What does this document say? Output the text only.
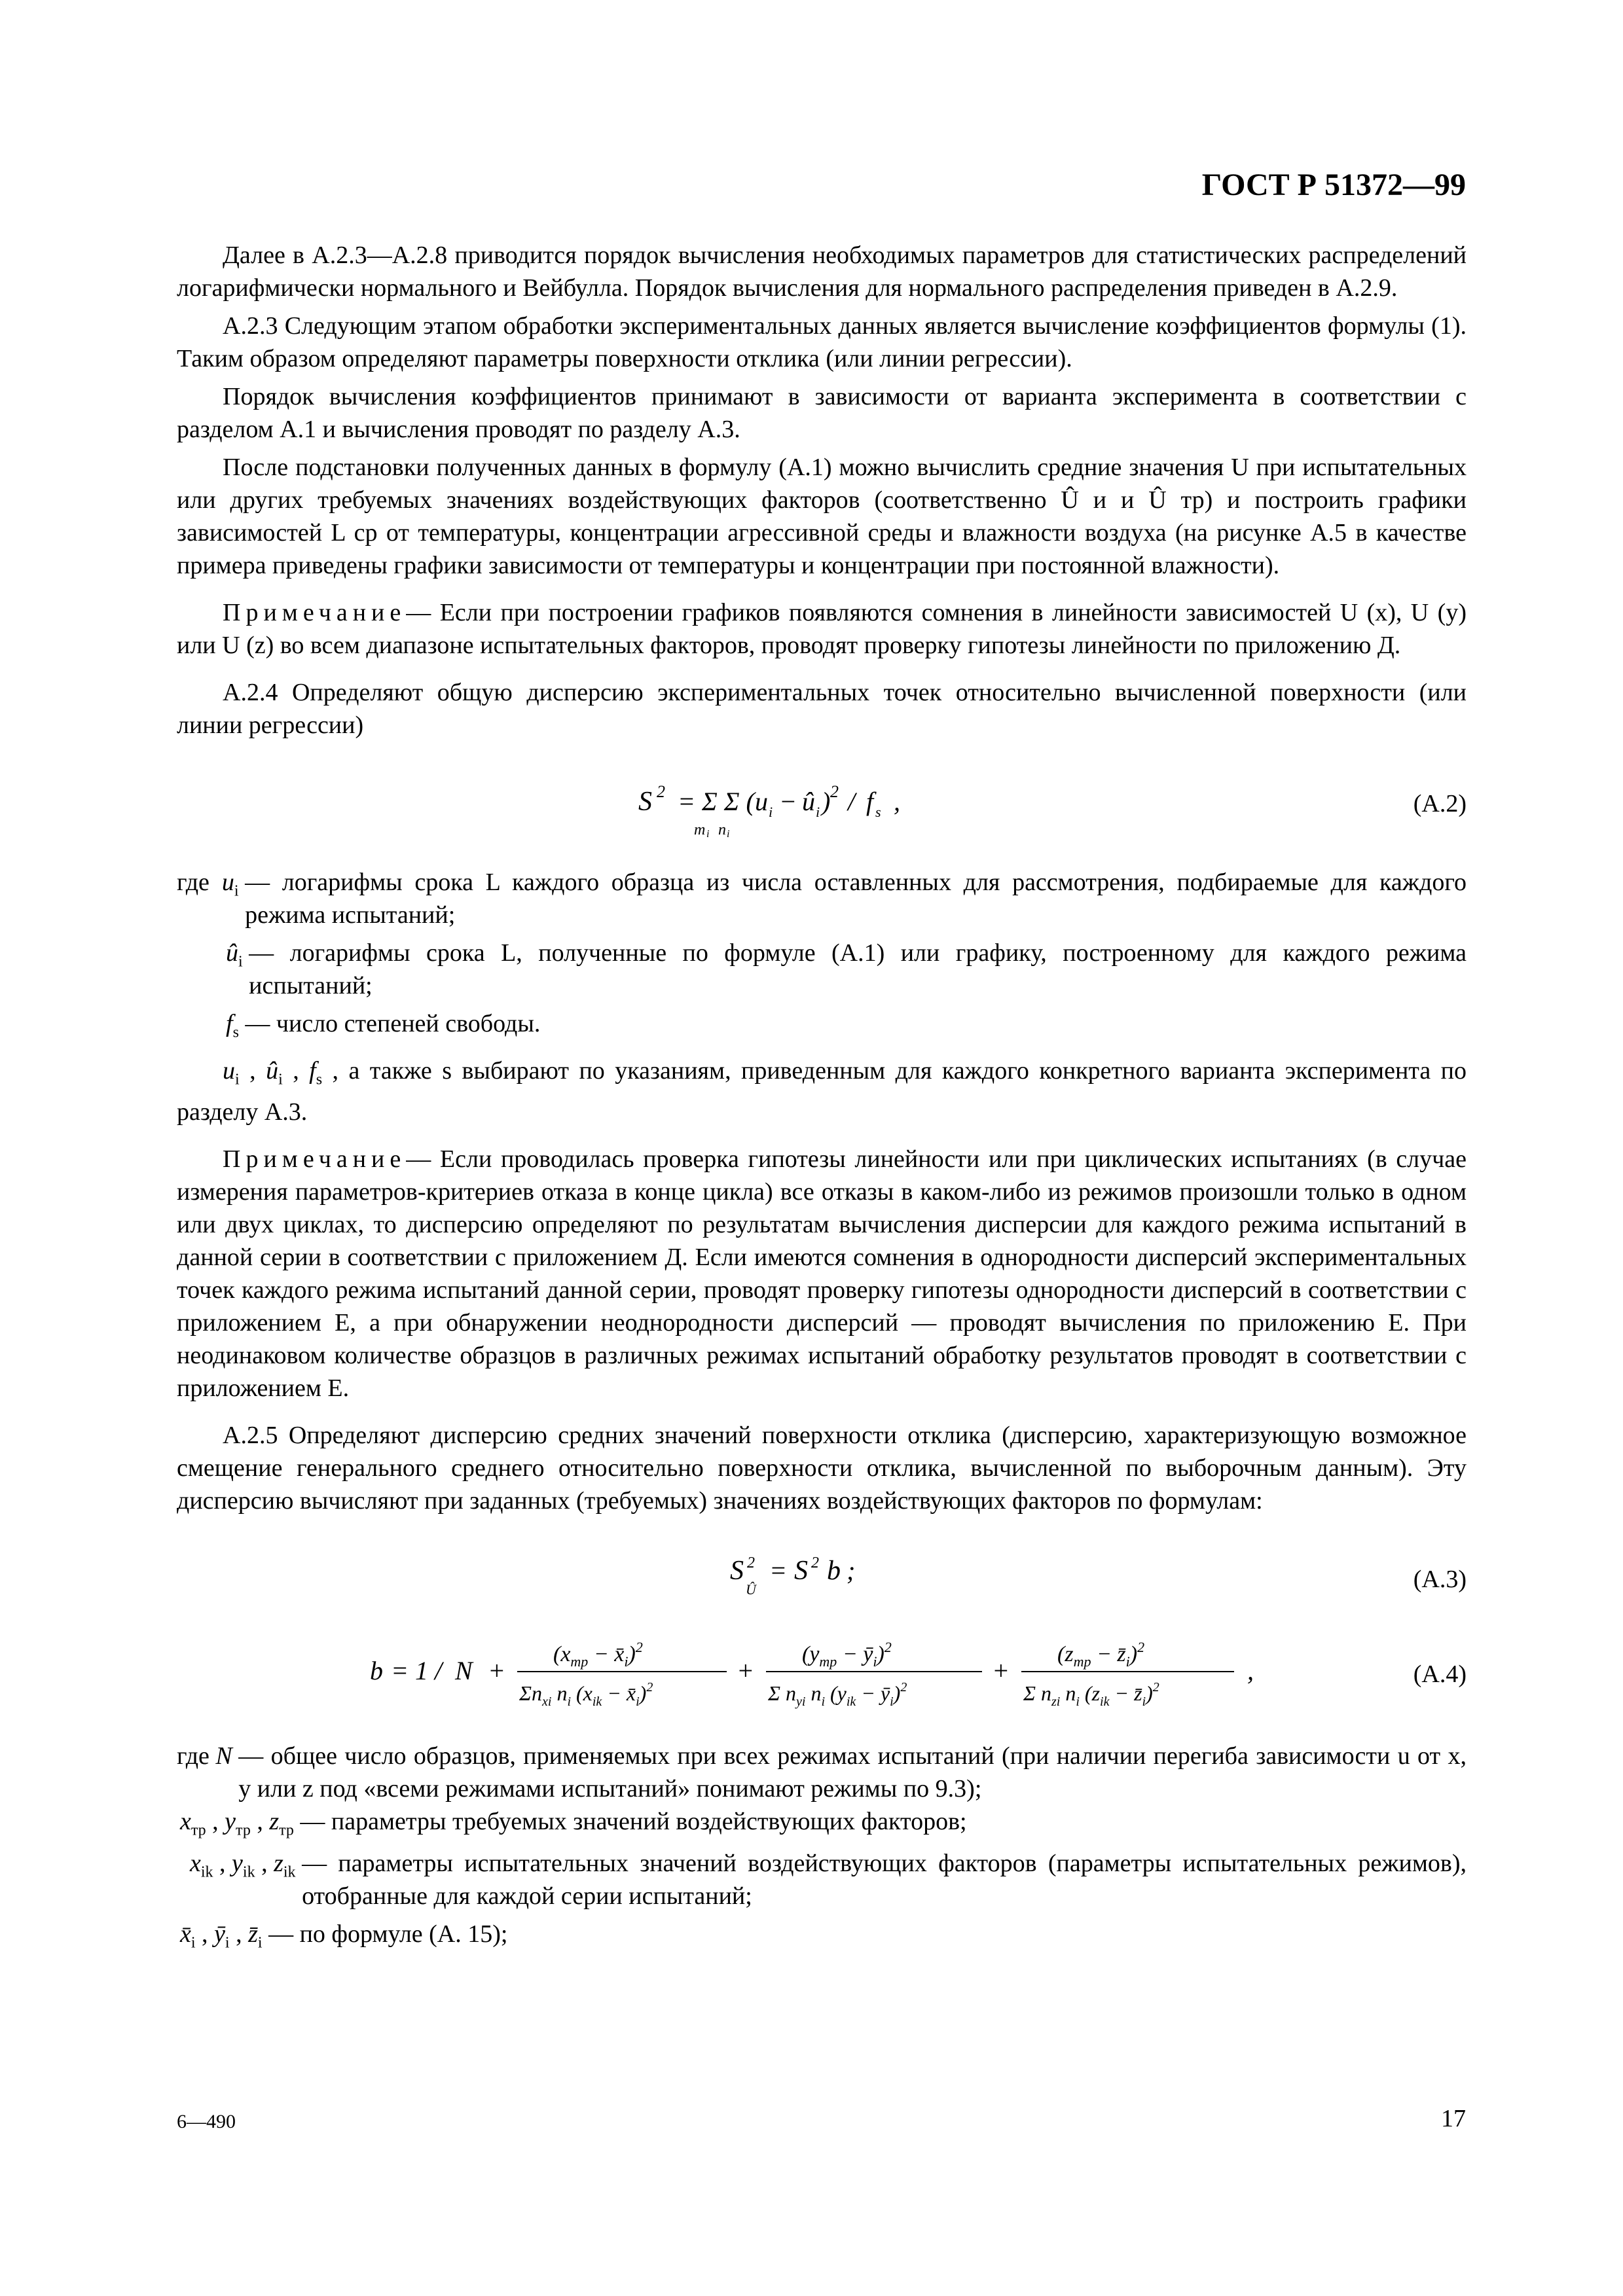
ГОСТ Р 51372—99

Далее в А.2.3—А.2.8 приводится порядок вычисления необходимых параметров для статистических распределений логарифмически нормального и Вейбулла. Порядок вычисления для нормального распределения приведен в А.2.9.

А.2.3 Следующим этапом обработки экспериментальных данных является вычисление коэффициентов формулы (1). Таким образом определяют параметры поверхности отклика (или линии регрессии).

Порядок вычисления коэффициентов принимают в зависимости от варианта эксперимента в соответствии с разделом А.1 и вычисления проводят по разделу А.3.

После подстановки полученных данных в формулу (А.1) можно вычислить средние значения U при испытательных или других требуемых значениях воздействующих факторов (соответственно Û и и Û тр) и построить графики зависимостей L ср от температуры, концентрации агрессивной среды и влажности воздуха (на рисунке А.5 в качестве примера приведены графики зависимости от температуры и концентрации при постоянной влажности).

Примечание— Если при построении графиков появляются сомнения в линейности зависимостей U (x), U (y) или U (z) во всем диапазоне испытательных факторов, проводят проверку гипотезы линейности по приложению Д.

А.2.4 Определяют общую дисперсию экспериментальных точек относительно вычисленной поверхности (или линии регрессии)

S 2 = Σ Σ ( u i − û i ) 2 / f s ,
m i n i
(А.2)
где $u_i$ — логарифмы срока L каждого образца из числа оставленных для рассмотрения, подбираемые для каждого режима испытаний;
$û_i$ — логарифмы срока L, полученные по формуле (А.1) или графику, построенному для каждого режима испытаний;
$f_s$ — число степеней свободы.

$u_i$ , $û_i$ , $f_s$ , а также s выбирают по указаниям, приведенным для каждого конкретного варианта эксперимента по разделу А.3.

Примечание— Если проводилась проверка гипотезы линейности или при циклических испытаниях (в случае измерения параметров-критериев отказа в конце цикла) все отказы в каком-либо из режимов произошли только в одном или двух циклах, то дисперсию определяют по результатам вычисления дисперсии для каждого режима испытаний в данной серии в соответствии с приложением Д. Если имеются сомнения в однородности дисперсий экспериментальных точек каждого режима испытаний данной серии, проводят проверку гипотезы однородности дисперсий в соответствии с приложением Е, а при обнаружении неоднородности дисперсий — проводят вычисления по приложению Е. При неодинаковом количестве образцов в различных режимах испытаний обработку результатов проводят в соответствии с приложением Е.

А.2.5 Определяют дисперсию средних значений поверхности отклика (дисперсию, характеризующую возможное смещение генерального среднего относительно поверхности отклика, вычисленной по выборочным данным). Эту дисперсию вычисляют при заданных (требуемых) значениях воздействующих факторов по формулам:

S 2
Û
= S 2 b ;	(А.3)
b = 1 / N +
($x_{тр}$ − $x̄_i)^2$
$\Sigma n_{xi}$ $n_i$ ($x_{ik}$ − $x̄_i)^2$
+
($y_{тр}$ − $ȳ_i)^2$
Σ $n_{yi}$ $n_i$ ($y_{ik}$ − $ȳ_i)^2$
+
($z_{тр}$ − $z̄_i)^2$
Σ $n_{zi}$ $n_i$ ($z_{ik}$ − $z̄_i)^2$
,	(А.4)
где N — общее число образцов, применяемых при всех режимах испытаний (при наличии перегиба зависимости u от x, y или z под «всеми режимами испытаний» понимают режимы по 9.3);
$x_{тр}$ , $y_{тр}$ , $z_{тр}$ — параметры требуемых значений воздействующих факторов;
$x_{ik}$ , $y_{ik}$ , $z_{ik}$ — параметры испытательных значений воздействующих факторов (параметры испытательных режимов), отобранные для каждой серии испытаний;
$x̄_i$ , $ȳ_i$ , $z̄_i$ — по формуле (А. 15);
6—490	17
